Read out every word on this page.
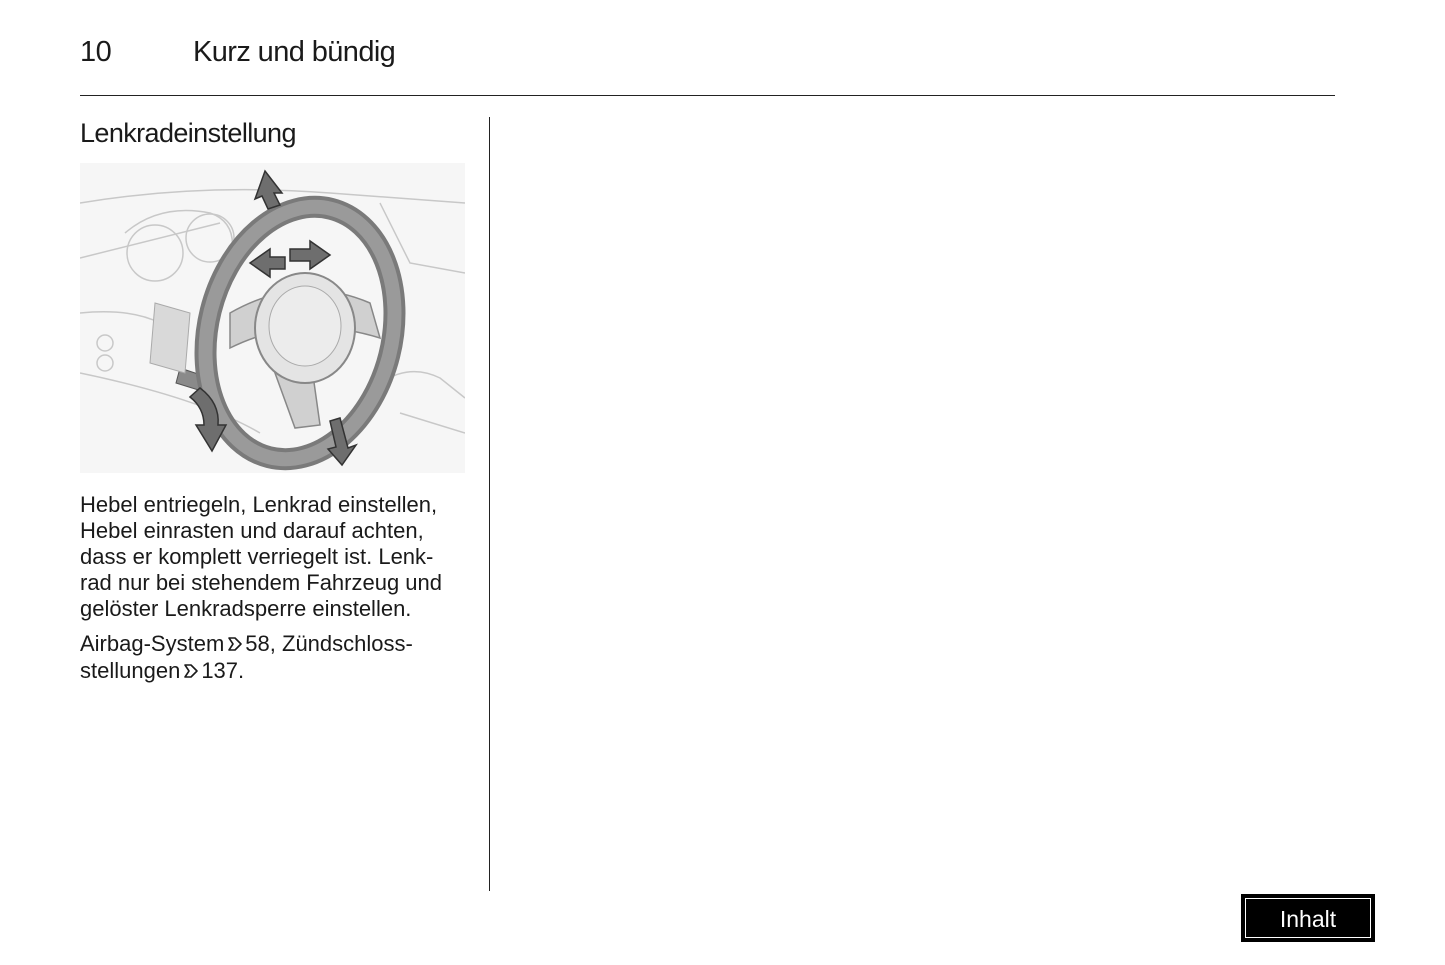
10	Kurz und bündig
Lenkradeinstellung

Hebel entriegeln, Lenkrad einstellen,
Hebel einrasten und darauf achten,
dass er komplett verriegelt ist. Lenk-
rad nur bei stehendem Fahrzeug und
gelöster Lenkradsperre einstellen.

Airbag-System 58, Zündschloss-
stellungen 137.

Inhalt
